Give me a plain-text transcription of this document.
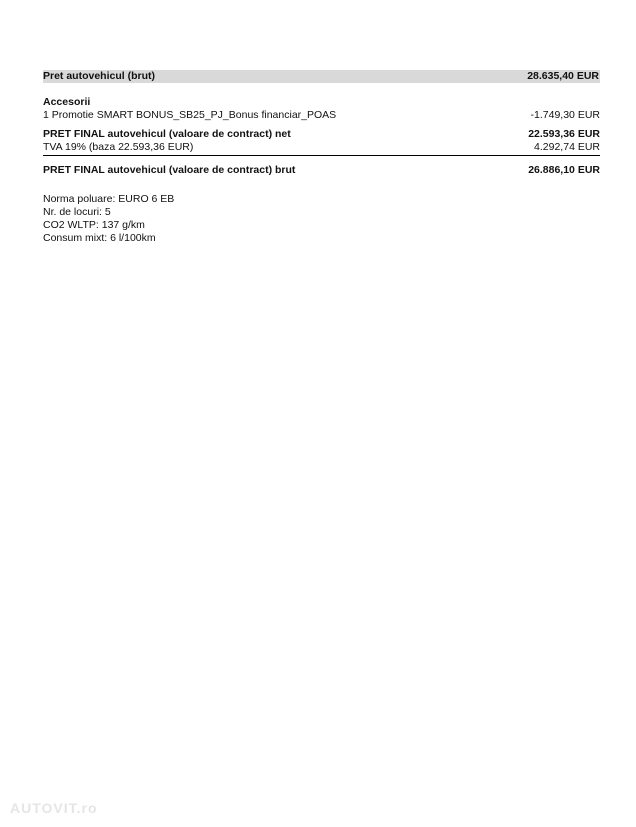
Pret autovehicul (brut)	28.635,40 EUR
Accesorii
1 Promotie SMART BONUS_SB25_PJ_Bonus financiar_POAS	-1.749,30 EUR
PRET FINAL autovehicul (valoare de contract) net	22.593,36 EUR
TVA 19% (baza 22.593,36 EUR)	4.292,74 EUR
PRET FINAL autovehicul (valoare de contract) brut	26.886,10 EUR
Norma poluare: EURO 6 EB
Nr. de locuri: 5
CO2 WLTP: 137 g/km
Consum mixt: 6 l/100km
AUTOVIT.ro
